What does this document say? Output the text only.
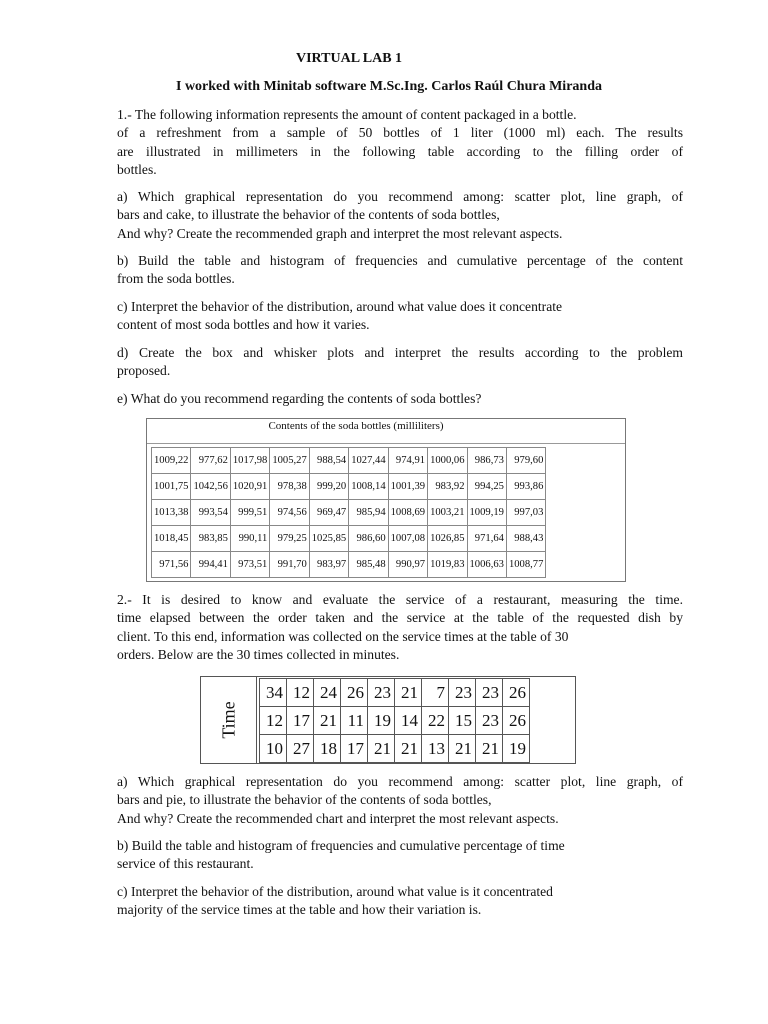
VIRTUAL LAB 1
I worked with Minitab software M.Sc.Ing. Carlos Raúl Chura Miranda
1.- The following information represents the amount of content packaged in a bottle.
of a refreshment from a sample of 50 bottles of 1 liter (1000 ml) each. The results
are illustrated in millimeters in the following table according to the filling order of
bottles.
a) Which graphical representation do you recommend among: scatter plot, line graph, of
bars and cake, to illustrate the behavior of the contents of soda bottles,
And why? Create the recommended graph and interpret the most relevant aspects.
b) Build the table and histogram of frequencies and cumulative percentage of the content
from the soda bottles.
c) Interpret the behavior of the distribution, around what value does it concentrate
content of most soda bottles and how it varies.
d) Create the box and whisker plots and interpret the results according to the problem
proposed.
e) What do you recommend regarding the contents of soda bottles?
Contents of the soda bottles (milliliters)
1009,22	977,62	1017,98	1005,27	988,54	1027,44	974,91	1000,06	986,73	979,60
1001,75	1042,56	1020,91	978,38	999,20	1008,14	1001,39	983,92	994,25	993,86
1013,38	993,54	999,51	974,56	969,47	985,94	1008,69	1003,21	1009,19	997,03
1018,45	983,85	990,11	979,25	1025,85	986,60	1007,08	1026,85	971,64	988,43
971,56	994,41	973,51	991,70	983,97	985,48	990,97	1019,83	1006,63	1008,77
2.- It is desired to know and evaluate the service of a restaurant, measuring the time.
time elapsed between the order taken and the service at the table of the requested dish by
client. To this end, information was collected on the service times at the table of 30
orders. Below are the 30 times collected in minutes.
Time
34	12	24	26	23	21	7	23	23	26
12	17	21	11	19	14	22	15	23	26
10	27	18	17	21	21	13	21	21	19
a) Which graphical representation do you recommend among: scatter plot, line graph, of
bars and pie, to illustrate the behavior of the contents of soda bottles,
And why? Create the recommended chart and interpret the most relevant aspects.
b) Build the table and histogram of frequencies and cumulative percentage of time
service of this restaurant.
c) Interpret the behavior of the distribution, around what value is it concentrated
majority of the service times at the table and how their variation is.
